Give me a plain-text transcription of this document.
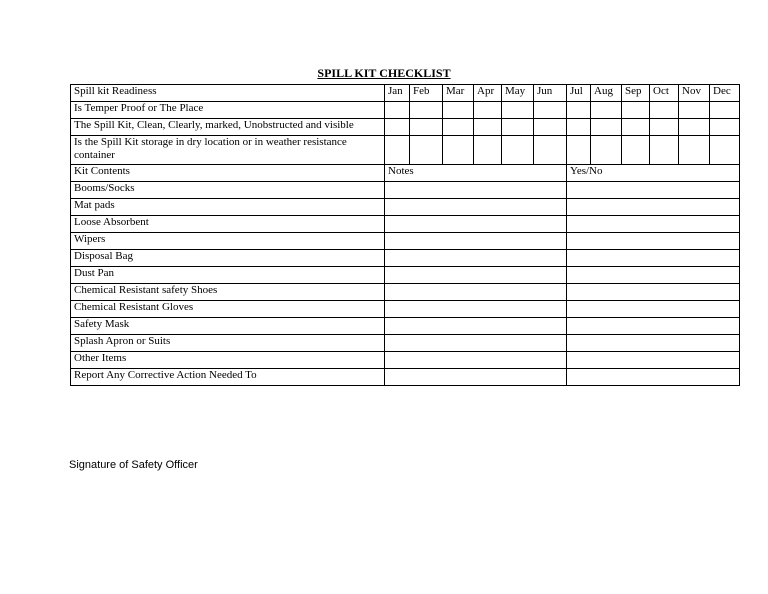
SPILL KIT CHECKLIST
Spill kit Readiness	Jan	Feb	Mar	Apr	May	Jun	Jul	Aug	Sep	Oct	Nov	Dec
Is Temper Proof or The Place												
The Spill Kit, Clean, Clearly, marked, Unobstructed and visible												
Is the Spill Kit storage in dry location or in weather resistance container												
Kit Contents	Notes						Yes/No					
Booms/Socks												
Mat pads												
Loose Absorbent												
Wipers												
Disposal Bag												
Dust Pan												
Chemical Resistant safety Shoes												
Chemical Resistant Gloves												
Safety Mask												
Splash Apron or Suits												
Other Items												
Report Any Corrective Action Needed To												
Signature of Safety Officer
